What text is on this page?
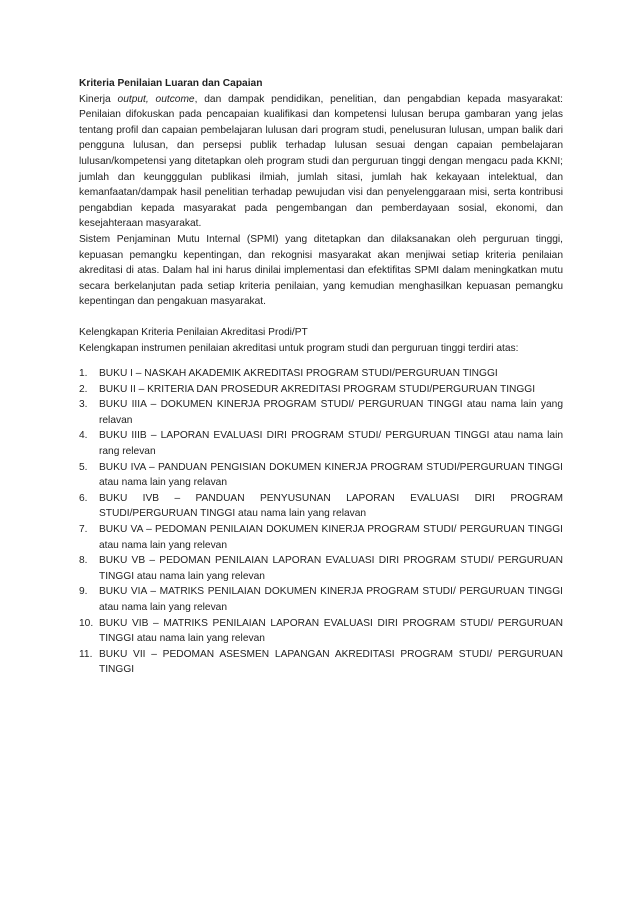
Kriteria Penilaian Luaran dan Capaian

Kinerja output, outcome, dan dampak pendidikan, penelitian, dan pengabdian kepada masyarakat: Penilaian difokuskan pada pencapaian kualifikasi dan kompetensi lulusan berupa gambaran yang jelas tentang profil dan capaian pembelajaran lulusan dari program studi, penelusuran lulusan, umpan balik dari pengguna lulusan, dan persepsi publik terhadap lulusan sesuai dengan capaian pembelajaran lulusan/kompetensi yang ditetapkan oleh program studi dan perguruan tinggi dengan mengacu pada KKNI; jumlah dan keungggulan publikasi ilmiah, jumlah sitasi, jumlah hak kekayaan intelektual, dan kemanfaatan/dampak hasil penelitian terhadap pewujudan visi dan penyelenggaraan misi, serta kontribusi pengabdian kepada masyarakat pada pengembangan dan pemberdayaan sosial, ekonomi, dan kesejahteraan masyarakat.

Sistem Penjaminan Mutu Internal (SPMI) yang ditetapkan dan dilaksanakan oleh perguruan tinggi, kepuasan pemangku kepentingan, dan rekognisi masyarakat akan menjiwai setiap kriteria penilaian akreditasi di atas. Dalam hal ini harus dinilai implementasi dan efektifitas SPMI dalam meningkatkan mutu secara berkelanjutan pada setiap kriteria penilaian, yang kemudian menghasilkan kepuasan pemangku kepentingan dan pengakuan masyarakat.

Kelengkapan Kriteria Penilaian Akreditasi Prodi/PT

Kelengkapan instrumen penilaian akreditasi untuk program studi dan perguruan tinggi terdiri atas:

1.	BUKU I – NASKAH AKADEMIK AKREDITASI PROGRAM STUDI/PERGURUAN TINGGI
2.	BUKU II – KRITERIA DAN PROSEDUR AKREDITASI PROGRAM STUDI/PERGURUAN TINGGI
3.	BUKU IIIA – DOKUMEN KINERJA PROGRAM STUDI/ PERGURUAN TINGGI atau nama lain yang relavan
4.	BUKU IIIB – LAPORAN EVALUASI DIRI PROGRAM STUDI/ PERGURUAN TINGGI atau nama lain rang relevan
5.	BUKU IVA – PANDUAN PENGISIAN DOKUMEN KINERJA PROGRAM STUDI/PERGURUAN TINGGI atau nama lain yang relavan
6.	BUKU IVB – PANDUAN PENYUSUNAN LAPORAN EVALUASI DIRI PROGRAM STUDI/PERGURUAN TINGGI atau nama lain yang relavan
7.	BUKU VA – PEDOMAN PENILAIAN DOKUMEN KINERJA PROGRAM STUDI/ PERGURUAN TINGGI atau nama lain yang relevan
8.	BUKU VB – PEDOMAN PENILAIAN LAPORAN EVALUASI DIRI PROGRAM STUDI/ PERGURUAN TINGGI atau nama lain yang relevan
9.	BUKU VIA – MATRIKS PENILAIAN DOKUMEN KINERJA PROGRAM STUDI/ PERGURUAN TINGGI atau nama lain yang relevan
10. BUKU VIB – MATRIKS PENILAIAN LAPORAN EVALUASI DIRI PROGRAM STUDI/ PERGURUAN TINGGI atau nama lain yang relevan
11. BUKU VII – PEDOMAN ASESMEN LAPANGAN AKREDITASI PROGRAM STUDI/ PERGURUAN TINGGI
